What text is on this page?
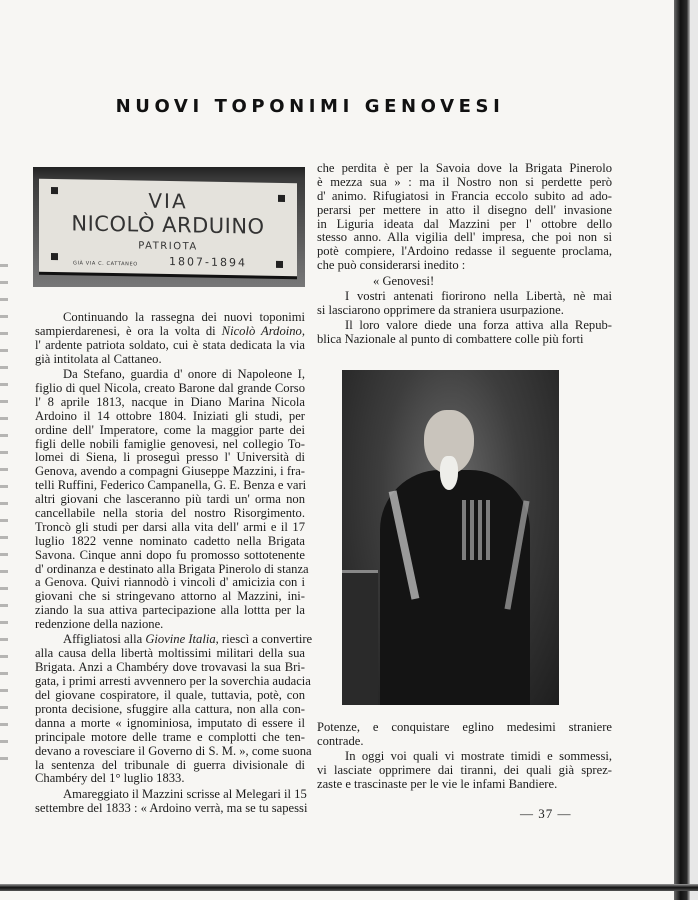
NUOVI TOPONIMI GENOVESI
VIA
NICOLÒ ARDUINO
PATRIOTA
1807-1894
GIÀ VIA C. CATTANEO
Continuando la rassegna dei nuovi toponimi
sampierdarenesi, è ora la volta di Nicolò Ardoino,
l' ardente patriota soldato, cui è stata dedicata la via
già intitolata al Cattaneo.
Da Stefano, guardia d' onore di Napoleone I,
figlio di quel Nicola, creato Barone dal grande Corso
l' 8 aprile 1813, nacque in Diano Marina Nicola
Ardoino il 14 ottobre 1804. Iniziati gli studi, per
ordine dell' Imperatore, come la maggior parte dei
figli delle nobili famiglie genovesi, nel collegio To-
lomei di Siena, li proseguì presso l' Università di
Genova, avendo a compagni Giuseppe Mazzini, i fra-
telli Ruffini, Federico Campanella, G. E. Benza e vari
altri giovani che lasceranno più tardi un' orma non
cancellabile nella storia del nostro Risorgimento.
Troncò gli studi per darsi alla vita dell' armi e il 17
luglio 1822 venne nominato cadetto nella Brigata
Savona. Cinque anni dopo fu promosso sottotenente
d' ordinanza e destinato alla Brigata Pinerolo di stanza
a Genova. Quivi riannodò i vincoli d' amicizia con i
giovani che si stringevano attorno al Mazzini, ini-
ziando la sua attiva partecipazione alla lottta per la
redenzione della nazione.
Affigliatosi alla Giovine Italia, riescì a convertire
alla causa della libertà moltissimi militari della sua
Brigata. Anzi a Chambéry dove trovavasi la sua Bri-
gata, i primi arresti avvennero per la soverchia audacia
del giovane cospiratore, il quale, tuttavia, potè, con
pronta decisione, sfuggire alla cattura, non alla con-
danna a morte « ignominiosa, imputato di essere il
principale motore delle trame e complotti che ten-
devano a rovesciare il Governo di S. M. », come suona
la sentenza del tribunale di guerra divisionale di
Chambéry del 1° luglio 1833.
Amareggiato il Mazzini scrisse al Melegari il 15
settembre del 1833 : « Ardoino verrà, ma se tu sapessi
che perdita è per la Savoia dove la Brigata Pinerolo
è mezza sua » : ma il Nostro non si perdette però
d' animo. Rifugiatosi in Francia eccolo subito ad ado-
perarsi per mettere in atto il disegno dell' invasione
in Liguria ideata dal Mazzini per l' ottobre dello
stesso anno. Alla vigilia dell' impresa, che poi non si
potè compiere, l'Ardoino redasse il seguente proclama,
che può considerarsi inedito :
« Genovesi!
I vostri antenati fiorirono nella Libertà, nè mai
si lasciarono opprimere da straniera usurpazione.
Il loro valore diede una forza attiva alla Repub-
blica Nazionale al punto di combattere colle più forti
Potenze, e conquistare eglino medesimi straniere
contrade.
In oggi voi quali vi mostrate timidi e sommessi,
vi lasciate opprimere dai tiranni, dei quali già sprez-
zaste e trascinaste per le vie le infami Bandiere.
— 37 —
